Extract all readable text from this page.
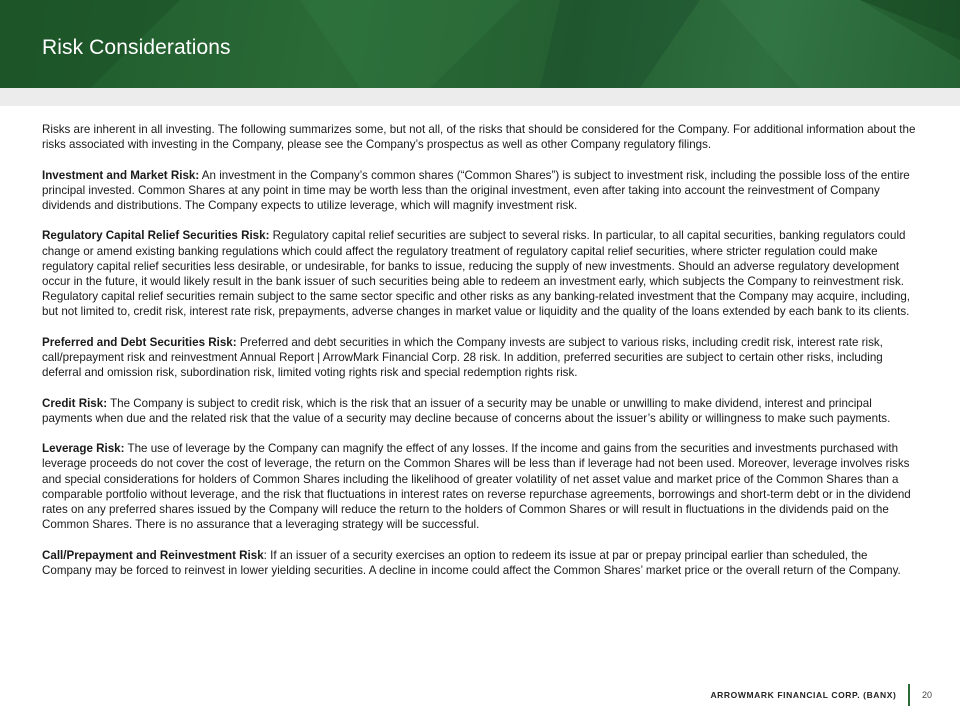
Risk Considerations

Risks are inherent in all investing. The following summarizes some, but not all, of the risks that should be considered for the Company. For additional information about the risks associated with investing in the Company, please see the Company’s prospectus as well as other Company regulatory filings.

Investment and Market Risk: An investment in the Company’s common shares (“Common Shares”) is subject to investment risk, including the possible loss of the entire principal invested. Common Shares at any point in time may be worth less than the original investment, even after taking into account the reinvestment of Company dividends and distributions. The Company expects to utilize leverage, which will magnify investment risk.

Regulatory Capital Relief Securities Risk: Regulatory capital relief securities are subject to several risks. In particular, to all capital securities, banking regulators could change or amend existing banking regulations which could affect the regulatory treatment of regulatory capital relief securities, where stricter regulation could make regulatory capital relief securities less desirable, or undesirable, for banks to issue, reducing the supply of new investments. Should an adverse regulatory development occur in the future, it would likely result in the bank issuer of such securities being able to redeem an investment early, which subjects the Company to reinvestment risk. Regulatory capital relief securities remain subject to the same sector specific and other risks as any banking-related investment that the Company may acquire, including, but not limited to, credit risk, interest rate risk, prepayments, adverse changes in market value or liquidity and the quality of the loans extended by each bank to its clients.

Preferred and Debt Securities Risk: Preferred and debt securities in which the Company invests are subject to various risks, including credit risk, interest rate risk, call/prepayment risk and reinvestment Annual Report | ArrowMark Financial Corp. 28 risk. In addition, preferred securities are subject to certain other risks, including deferral and omission risk, subordination risk, limited voting rights risk and special redemption rights risk.

Credit Risk: The Company is subject to credit risk, which is the risk that an issuer of a security may be unable or unwilling to make dividend, interest and principal payments when due and the related risk that the value of a security may decline because of concerns about the issuer’s ability or willingness to make such payments.

Leverage Risk: The use of leverage by the Company can magnify the effect of any losses. If the income and gains from the securities and investments purchased with leverage proceeds do not cover the cost of leverage, the return on the Common Shares will be less than if leverage had not been used. Moreover, leverage involves risks and special considerations for holders of Common Shares including the likelihood of greater volatility of net asset value and market price of the Common Shares than a comparable portfolio without leverage, and the risk that fluctuations in interest rates on reverse repurchase agreements, borrowings and short-term debt or in the dividend rates on any preferred shares issued by the Company will reduce the return to the holders of Common Shares or will result in fluctuations in the dividends paid on the Common Shares. There is no assurance that a leveraging strategy will be successful.

Call/Prepayment and Reinvestment Risk: If an issuer of a security exercises an option to redeem its issue at par or prepay principal earlier than scheduled, the Company may be forced to reinvest in lower yielding securities. A decline in income could affect the Common Shares’ market price or the overall return of the Company.

ARROWMARK FINANCIAL CORP. (BANX)	20
